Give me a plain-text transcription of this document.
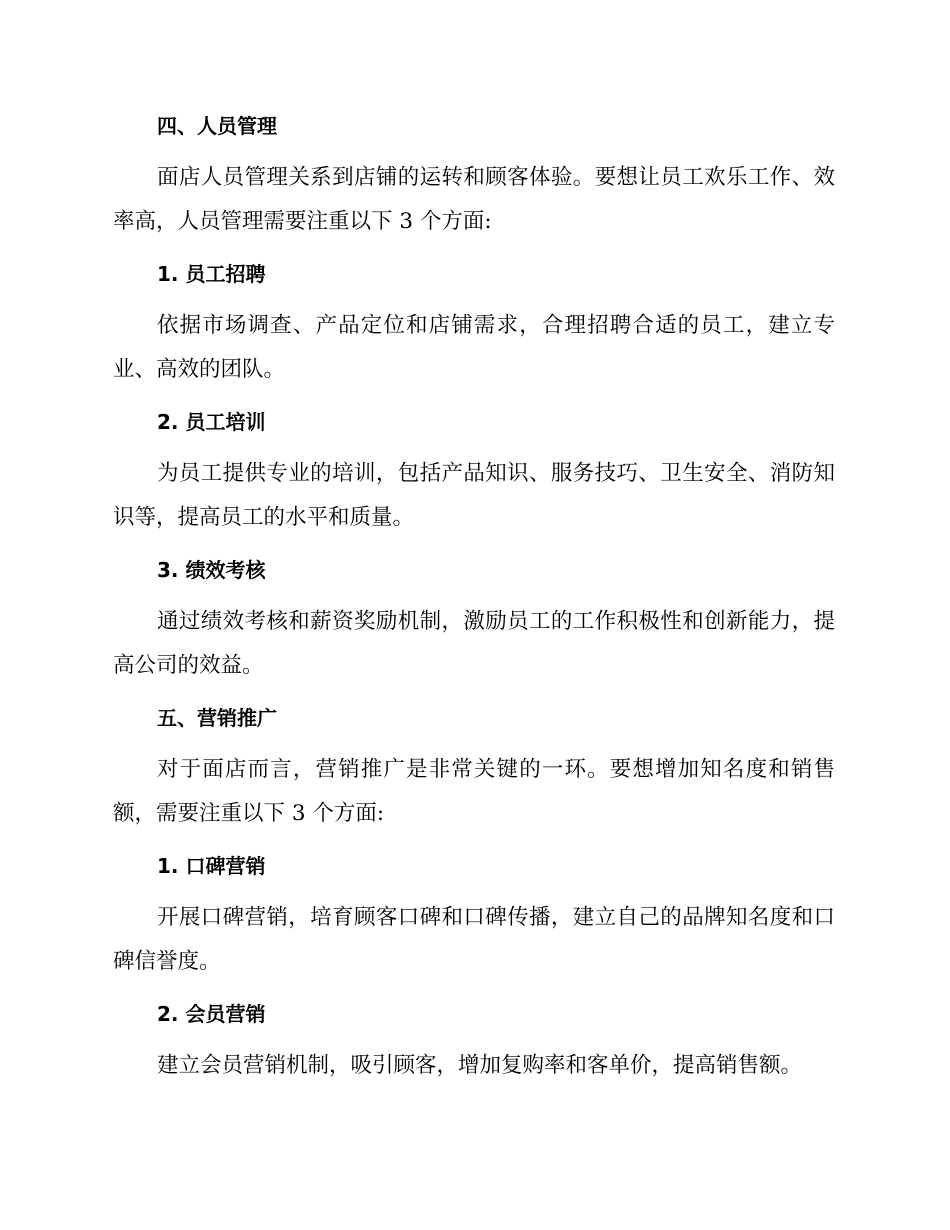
四、人员管理

面店人员管理关系到店铺的运转和顾客体验。要想让员工欢乐工作、效率高，人员管理需要注重以下 3 个方面:

1. 员工招聘

依据市场调查、产品定位和店铺需求，合理招聘合适的员工，建立专业、高效的团队。

2. 员工培训

为员工提供专业的培训，包括产品知识、服务技巧、卫生安全、消防知识等，提高员工的水平和质量。

3. 绩效考核

通过绩效考核和薪资奖励机制，激励员工的工作积极性和创新能力，提高公司的效益。

五、营销推广

对于面店而言，营销推广是非常关键的一环。要想增加知名度和销售额，需要注重以下 3 个方面:

1. 口碑营销

开展口碑营销，培育顾客口碑和口碑传播，建立自己的品牌知名度和口碑信誉度。

2. 会员营销

建立会员营销机制，吸引顾客，增加复购率和客单价，提高销售额。
